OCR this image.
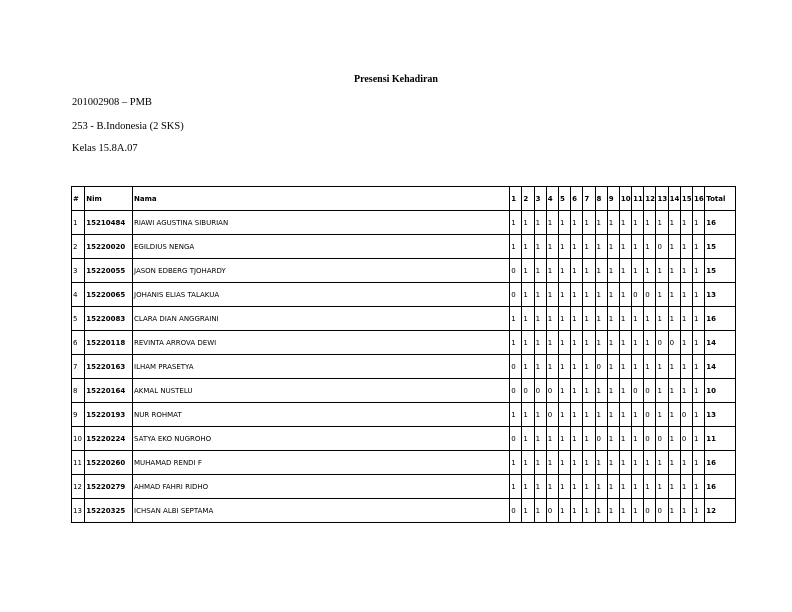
Presensi Kehadiran
201002908 – PMB
253 - B.Indonesia (2 SKS)
Kelas 15.8A.07
#	Nim	Nama	1	2	3	4	5	6	7	8	9	10	11	12	13	14	15	16	Total
1	15210484	RIAWI AGUSTINA SIBURIAN	1	1	1	1	1	1	1	1	1	1	1	1	1	1	1	1	16
2	15220020	EGILDIUS NENGA	1	1	1	1	1	1	1	1	1	1	1	1	0	1	1	1	15
3	15220055	JASON EDBERG TJOHARDY	0	1	1	1	1	1	1	1	1	1	1	1	1	1	1	1	15
4	15220065	JOHANIS ELIAS TALAKUA	0	1	1	1	1	1	1	1	1	1	0	0	1	1	1	1	13
5	15220083	CLARA DIAN ANGGRAINI	1	1	1	1	1	1	1	1	1	1	1	1	1	1	1	1	16
6	15220118	REVINTA ARROVA DEWI	1	1	1	1	1	1	1	1	1	1	1	1	0	0	1	1	14
7	15220163	ILHAM PRASETYA	0	1	1	1	1	1	1	0	1	1	1	1	1	1	1	1	14
8	15220164	AKMAL NUSTELU	0	0	0	0	1	1	1	1	1	1	0	0	1	1	1	1	10
9	15220193	NUR ROHMAT	1	1	1	0	1	1	1	1	1	1	1	0	1	1	0	1	13
10	15220224	SATYA EKO NUGROHO	0	1	1	1	1	1	1	0	1	1	1	0	0	1	0	1	11
11	15220260	MUHAMAD RENDI F	1	1	1	1	1	1	1	1	1	1	1	1	1	1	1	1	16
12	15220279	AHMAD FAHRI RIDHO	1	1	1	1	1	1	1	1	1	1	1	1	1	1	1	1	16
13	15220325	ICHSAN ALBI SEPTAMA	0	1	1	0	1	1	1	1	1	1	1	0	0	1	1	1	12
